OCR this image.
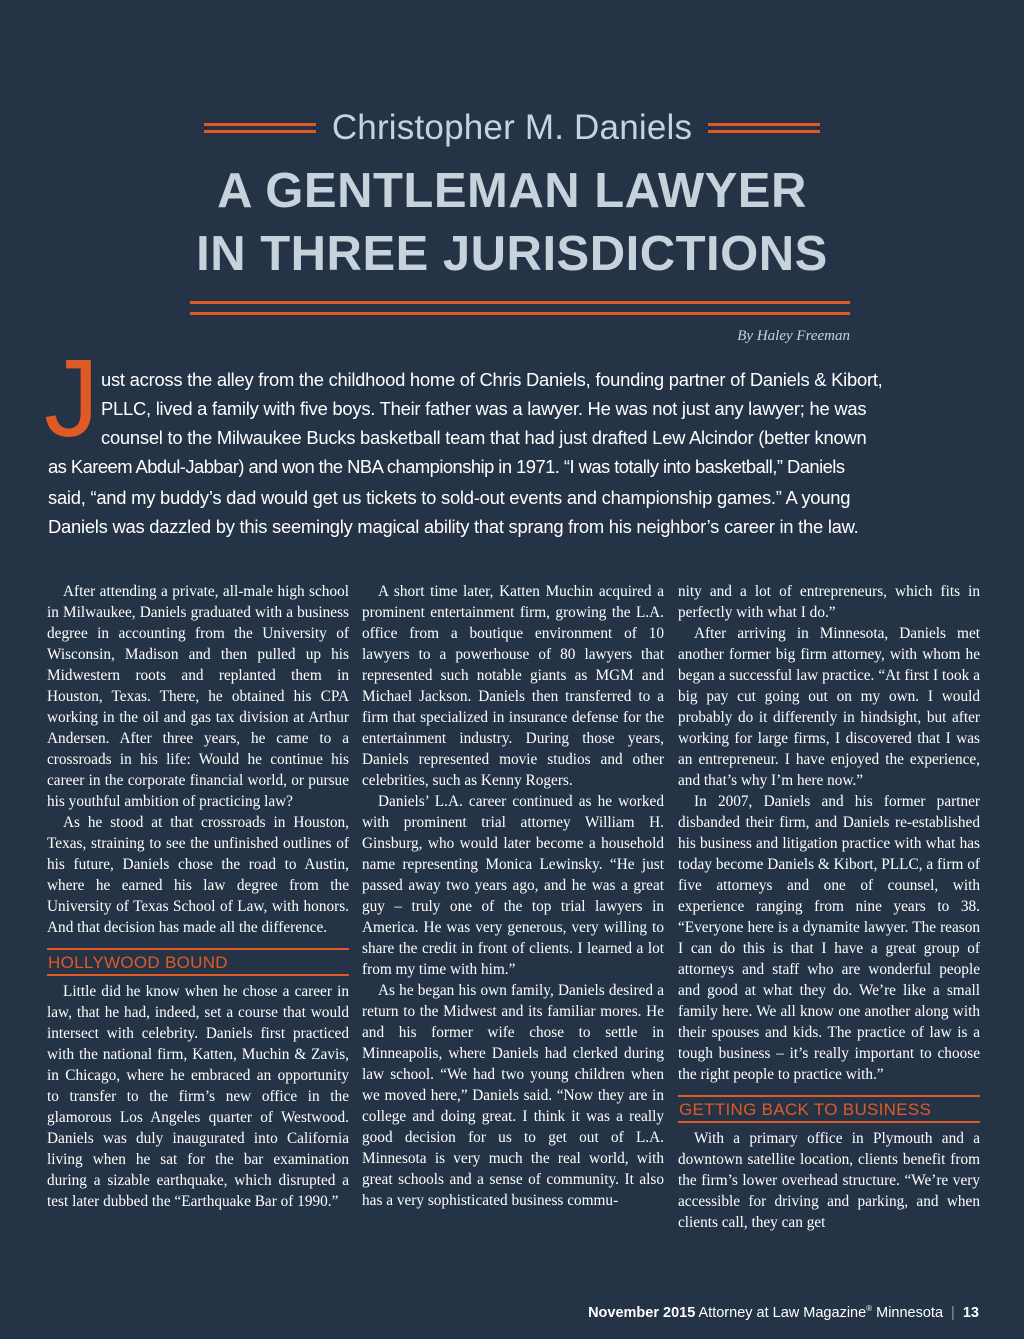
Christopher M. Daniels
A GENTLEMAN LAWYER
IN THREE JURISDICTIONS
By Haley Freeman
J ust across the alley from the childhood home of Chris Daniels, founding partner of Daniels & Kibort,
PLLC, lived a family with five boys. Their father was a lawyer. He was not just any lawyer; he was
counsel to the Milwaukee Bucks basketball team that had just drafted Lew Alcindor (better known
as Kareem Abdul-Jabbar) and won the NBA championship in 1971. “I was totally into basketball,” Daniels
said, “and my buddy’s dad would get us tickets to sold-out events and championship games.” A young
Daniels was dazzled by this seemingly magical ability that sprang from his neighbor’s career in the law.

After attending a private, all-male high school in Milwaukee, Daniels graduated with a business degree in accounting from the University of Wisconsin, Madison and then pulled up his Midwestern roots and replanted them in Houston, Texas. There, he obtained his CPA working in the oil and gas tax division at Arthur Andersen. After three years, he came to a crossroads in his life: Would he continue his career in the corporate financial world, or pursue his youthful ambition of practicing law?

As he stood at that crossroads in Houston, Texas, straining to see the unfinished outlines of his future, Daniels chose the road to Austin, where he earned his law degree from the University of Texas School of Law, with honors. And that decision has made all the difference.

HOLLYWOOD BOUND

Little did he know when he chose a career in law, that he had, indeed, set a course that would intersect with celebrity. Daniels first practiced with the national firm, Katten, Muchin & Zavis, in Chicago, where he embraced an opportunity to transfer to the firm’s new office in the glamorous Los Angeles quarter of Westwood. Daniels was duly inaugurated into California living when he sat for the bar examination during a sizable earthquake, which disrupted a test later dubbed the “Earthquake Bar of 1990.”

A short time later, Katten Muchin acquired a prominent entertainment firm, growing the L.A. office from a boutique environment of 10 lawyers to a powerhouse of 80 lawyers that represented such notable giants as MGM and Michael Jackson. Daniels then transferred to a firm that specialized in insurance defense for the entertainment industry. During those years, Daniels represented movie studios and other celebrities, such as Kenny Rogers.

Daniels’ L.A. career continued as he worked with prominent trial attorney William H. Ginsburg, who would later become a household name representing Monica Lewinsky. “He just passed away two years ago, and he was a great guy – truly one of the top trial lawyers in America. He was very generous, very willing to share the credit in front of clients. I learned a lot from my time with him.”

As he began his own family, Daniels desired a return to the Midwest and its familiar mores. He and his former wife chose to settle in Minneapolis, where Daniels had clerked during law school. “We had two young children when we moved here,” Daniels said. “Now they are in college and doing great. I think it was a really good decision for us to get out of L.A. Minnesota is very much the real world, with great schools and a sense of community. It also has a very sophisticated business commu-

nity and a lot of entrepreneurs, which fits in perfectly with what I do.”

After arriving in Minnesota, Daniels met another former big firm attorney, with whom he began a successful law practice. “At first I took a big pay cut going out on my own. I would probably do it differently in hindsight, but after working for large firms, I discovered that I was an entrepreneur. I have enjoyed the experience, and that’s why I’m here now.”

In 2007, Daniels and his former partner disbanded their firm, and Daniels re-established his business and litigation practice with what has today become Daniels & Kibort, PLLC, a firm of five attorneys and one of counsel, with experience ranging from nine years to 38. “Everyone here is a dynamite lawyer. The reason I can do this is that I have a great group of attorneys and staff who are wonderful people and good at what they do. We’re like a small family here. We all know one another along with their spouses and kids. The practice of law is a tough business – it’s really important to choose the right people to practice with.”

GETTING BACK TO BUSINESS

With a primary office in Plymouth and a downtown satellite location, clients benefit from the firm’s lower overhead structure. “We’re very accessible for driving and parking, and when clients call, they can get

November 2015 Attorney at Law Magazine® Minnesota | 13
